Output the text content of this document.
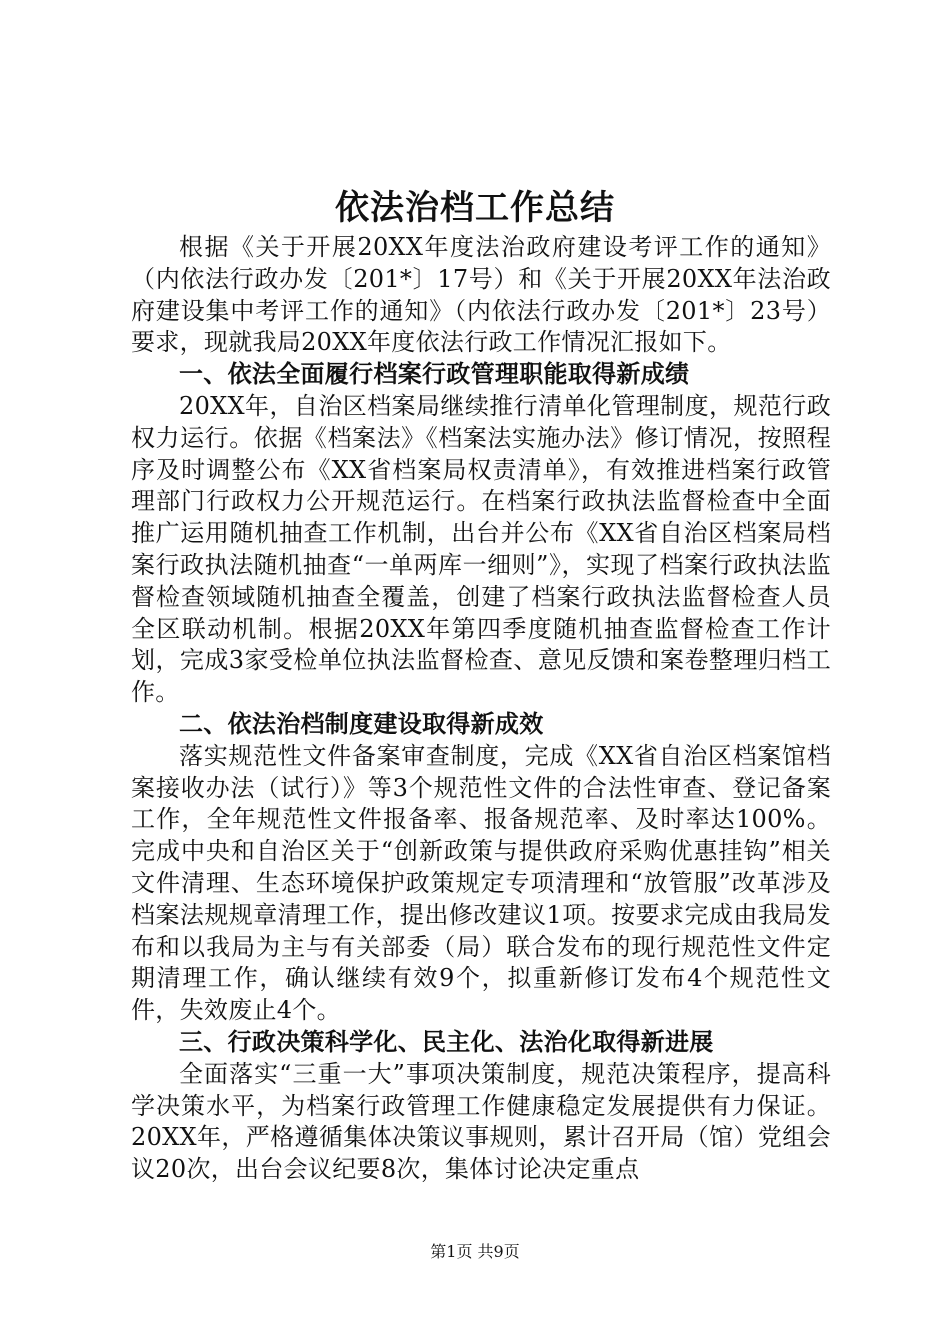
依法治档工作总结

根据《关于开展20XX年度法治政府建设考评工作的通知》（内依法行政办发〔201*〕17号）和《关于开展20XX年法治政府建设集中考评工作的通知》（内依法行政办发〔201*〕23号）要求，现就我局20XX年度依法行政工作情况汇报如下。

一、依法全面履行档案行政管理职能取得新成绩

20XX年，自治区档案局继续推行清单化管理制度，规范行政权力运行。依据《档案法》《档案法实施办法》修订情况，按照程序及时调整公布《XX省档案局权责清单》，有效推进档案行政管理部门行政权力公开规范运行。在档案行政执法监督检查中全面推广运用随机抽查工作机制，出台并公布《XX省自治区档案局档案行政执法随机抽查“一单两库一细则”》，实现了档案行政执法监督检查领域随机抽查全覆盖，创建了档案行政执法监督检查人员全区联动机制。根据20XX年第四季度随机抽查监督检查工作计划，完成3家受检单位执法监督检查、意见反馈和案卷整理归档工作。

二、依法治档制度建设取得新成效

落实规范性文件备案审查制度，完成《XX省自治区档案馆档案接收办法（试行）》等3个规范性文件的合法性审查、登记备案工作，全年规范性文件报备率、报备规范率、及时率达100%。完成中央和自治区关于“创新政策与提供政府采购优惠挂钩”相关文件清理、生态环境保护政策规定专项清理和“放管服”改革涉及档案法规规章清理工作，提出修改建议1项。按要求完成由我局发布和以我局为主与有关部委（局）联合发布的现行规范性文件定期清理工作，确认继续有效9个，拟重新修订发布4个规范性文件，失效废止4个。

三、行政决策科学化、民主化、法治化取得新进展

全面落实“三重一大”事项决策制度，规范决策程序，提高科学决策水平，为档案行政管理工作健康稳定发展提供有力保证。20XX年，严格遵循集体决策议事规则，累计召开局（馆）党组会议20次，出台会议纪要8次，集体讨论决定重点

第1页 共9页
